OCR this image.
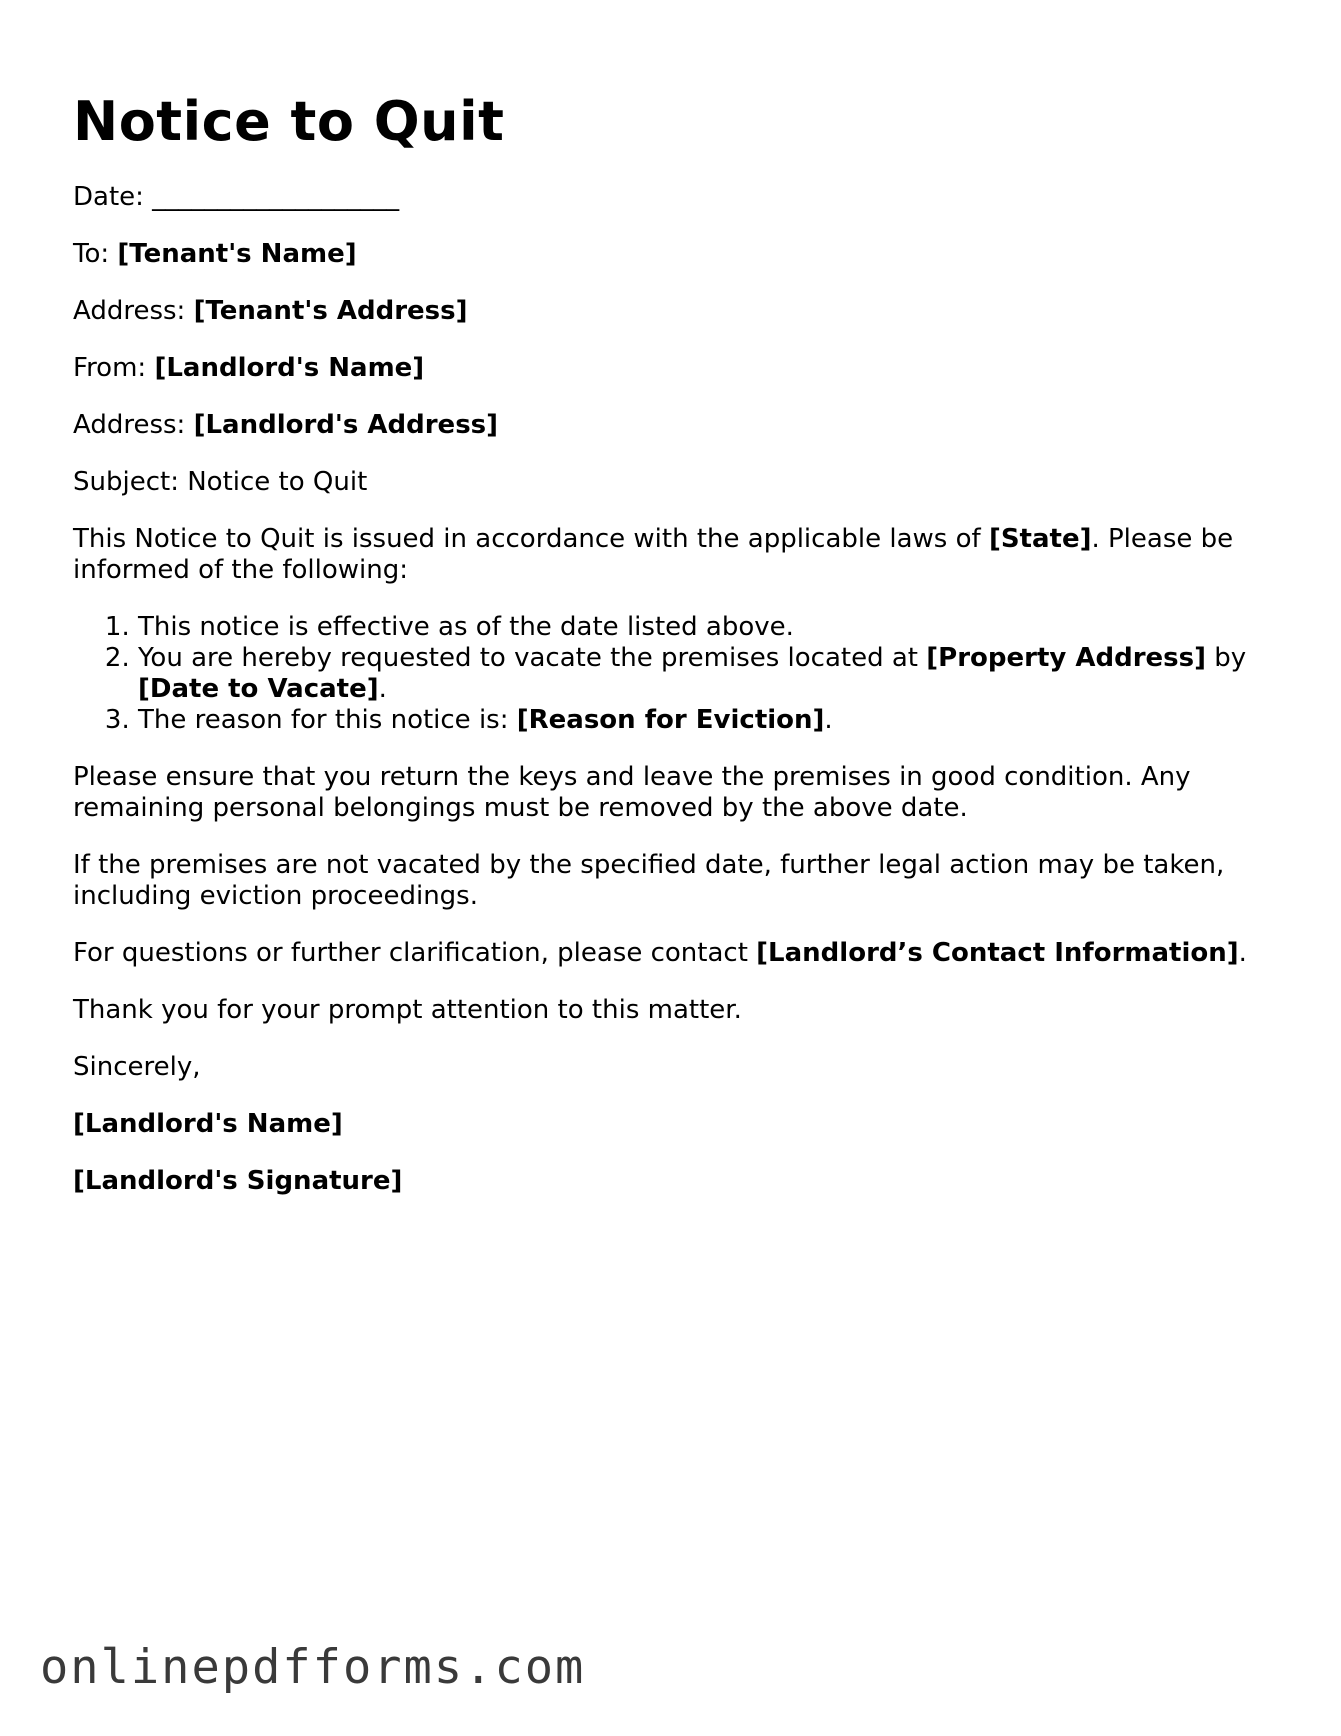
Notice to Quit

Date: ___________________

To: [Tenant's Name]

Address: [Tenant's Address]

From: [Landlord's Name]

Address: [Landlord's Address]

Subject: Notice to Quit

This Notice to Quit is issued in accordance with the applicable laws of [State]. Please be informed of the following:

1. This notice is effective as of the date listed above.
2. You are hereby requested to vacate the premises located at [Property Address] by [Date to Vacate].
3. The reason for this notice is: [Reason for Eviction].

Please ensure that you return the keys and leave the premises in good condition. Any remaining personal belongings must be removed by the above date.

If the premises are not vacated by the specified date, further legal action may be taken, including eviction proceedings.

For questions or further clarification, please contact [Landlord’s Contact Information].

Thank you for your prompt attention to this matter.

Sincerely,

[Landlord's Name]

[Landlord's Signature]

onlinepdfforms.com
